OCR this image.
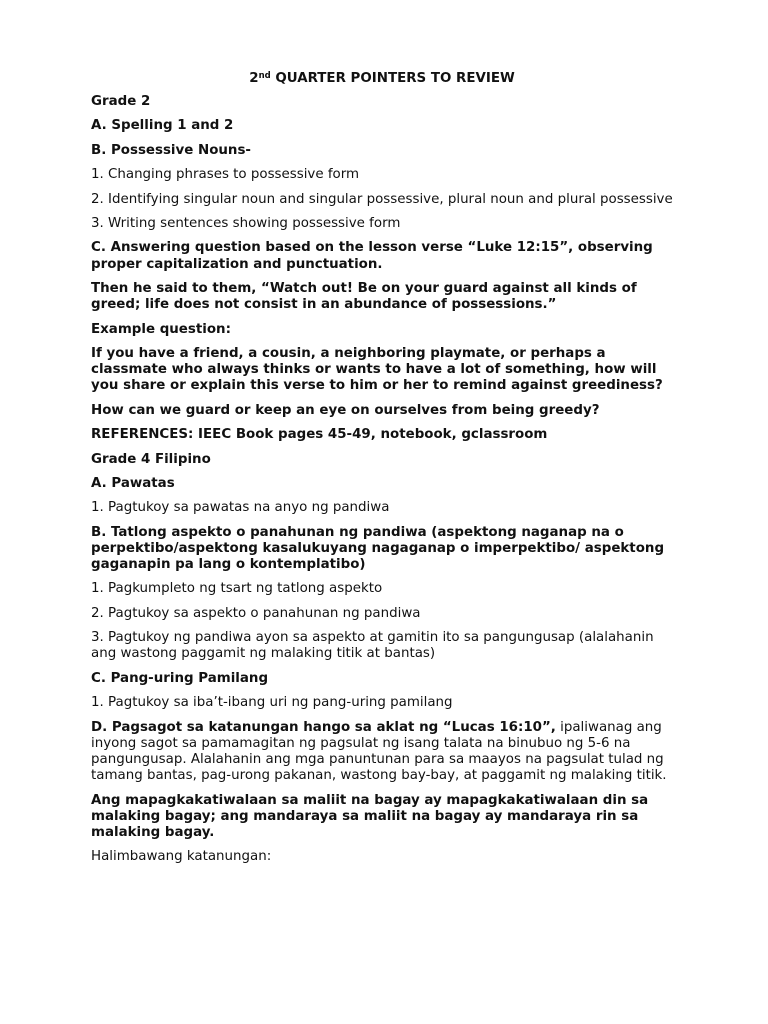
2nd QUARTER POINTERS TO REVIEW
Grade 2
A. Spelling 1 and 2
B. Possessive Nouns-
1. Changing phrases to possessive form
2. Identifying singular noun and singular possessive, plural noun and plural possessive
3. Writing sentences showing possessive form
C. Answering question based on the lesson verse “Luke 12:15”, observing proper capitalization and punctuation.
Then he said to them, “Watch out! Be on your guard against all kinds of greed; life does not consist in an abundance of possessions.”
Example question:
If you have a friend, a cousin, a neighboring playmate, or perhaps a classmate who always thinks or wants to have a lot of something, how will you share or explain this verse to him or her to remind against greediness?
How can we guard or keep an eye on ourselves from being greedy?
REFERENCES: IEEC Book pages 45-49, notebook, gclassroom
Grade 4 Filipino
A. Pawatas
1. Pagtukoy sa pawatas na anyo ng pandiwa
B. Tatlong aspekto o panahunan ng pandiwa (aspektong naganap na o perpektibo/aspektong kasalukuyang nagaganap o imperpektibo/ aspektong gaganapin pa lang o kontemplatibo)
1. Pagkumpleto ng tsart ng tatlong aspekto
2. Pagtukoy sa aspekto o panahunan ng pandiwa
3. Pagtukoy ng pandiwa ayon sa aspekto at gamitin ito sa pangungusap (alalahanin ang wastong paggamit ng malaking titik at bantas)
C. Pang-uring Pamilang
1. Pagtukoy sa iba’t-ibang uri ng pang-uring pamilang
D. Pagsagot sa katanungan hango sa aklat ng “Lucas 16:10”, ipaliwanag ang inyong sagot sa pamamagitan ng pagsulat ng isang talata na binubuo ng 5-6 na pangungusap. Alalahanin ang mga panuntunan para sa maayos na pagsulat tulad ng tamang bantas, pag-urong pakanan, wastong bay-bay, at paggamit ng malaking titik.
Ang mapagkakatiwalaan sa maliit na bagay ay mapagkakatiwalaan din sa malaking bagay; ang mandaraya sa maliit na bagay ay mandaraya rin sa malaking bagay.
Halimbawang katanungan:
